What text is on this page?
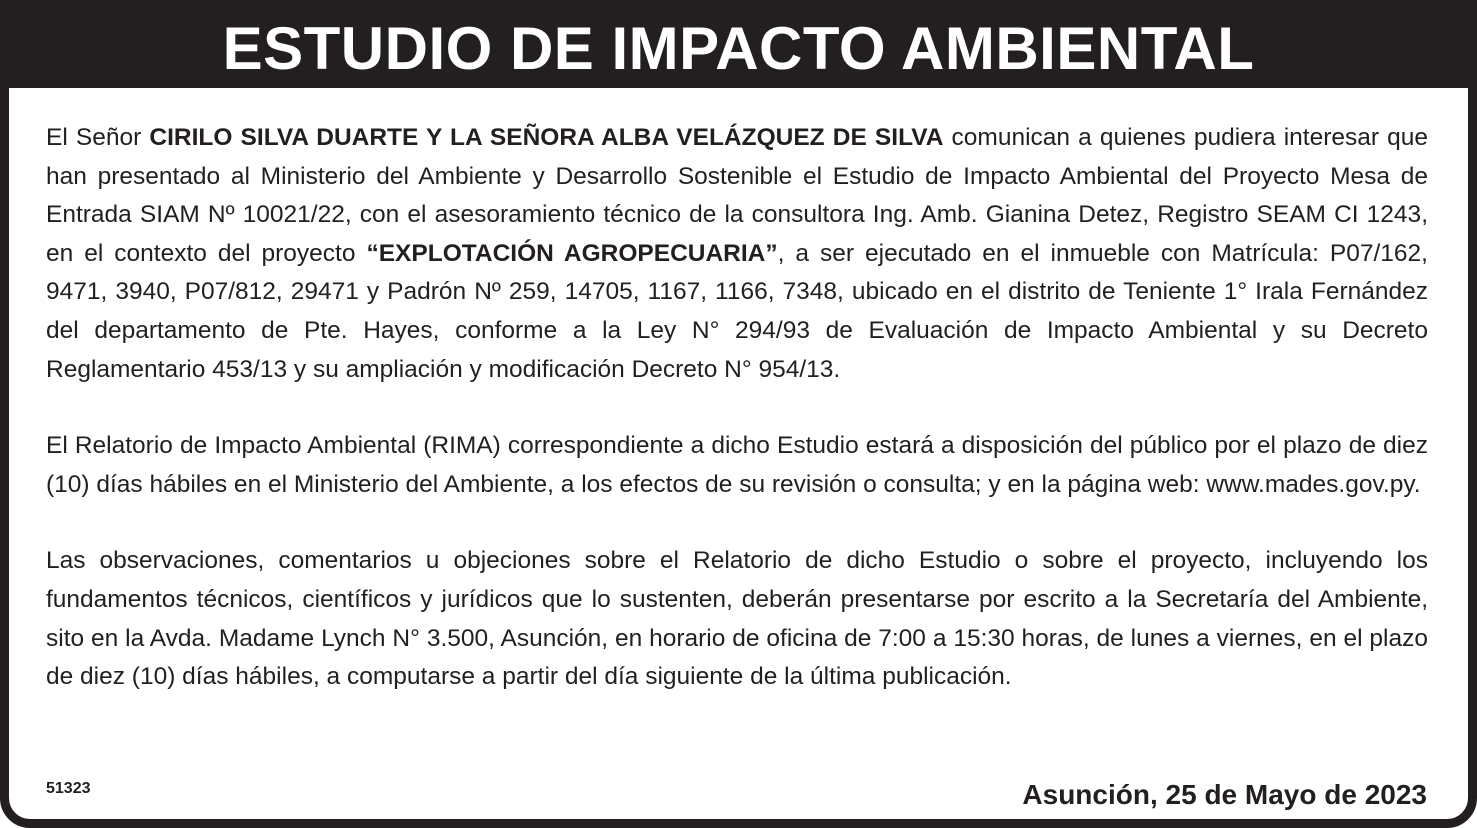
ESTUDIO DE IMPACTO AMBIENTAL

El Señor CIRILO SILVA DUARTE Y LA SEÑORA ALBA VELÁZQUEZ DE SILVA comunican a quienes pudiera interesar que han presentado al Ministerio del Ambiente y Desarrollo Sostenible el Estudio de Impacto Ambiental del Proyecto Mesa de Entrada SIAM Nº 10021/22, con el asesoramiento técnico de la consultora Ing. Amb. Gianina Detez, Registro SEAM CI 1243, en el contexto del proyecto “EXPLOTACIÓN AGROPECUARIA”, a ser ejecutado en el inmueble con Matrícula: P07/162, 9471, 3940, P07/812, 29471 y Padrón Nº 259, 14705, 1167, 1166, 7348, ubicado en el distrito de Teniente 1° Irala Fernández del departamento de Pte. Hayes, conforme a la Ley N° 294/93 de Evaluación de Impacto Ambiental y su Decreto Reglamentario 453/13 y su ampliación y modificación Decreto N° 954/13.

El Relatorio de Impacto Ambiental (RIMA) correspondiente a dicho Estudio estará a disposición del público por el plazo de diez (10) días hábiles en el Ministerio del Ambiente, a los efectos de su revisión o consulta; y en la página web: www.mades.gov.py.

Las observaciones, comentarios u objeciones sobre el Relatorio de dicho Estudio o sobre el proyecto, incluyendo los fundamentos técnicos, científicos y jurídicos que lo sustenten, deberán presentarse por escrito a la Secretaría del Ambiente, sito en la Avda. Madame Lynch N° 3.500, Asunción, en horario de oficina de 7:00 a 15:30 horas, de lunes a viernes, en el plazo de diez (10) días hábiles, a computarse a partir del día siguiente de la última publicación.

51323	Asunción, 25 de Mayo de 2023
